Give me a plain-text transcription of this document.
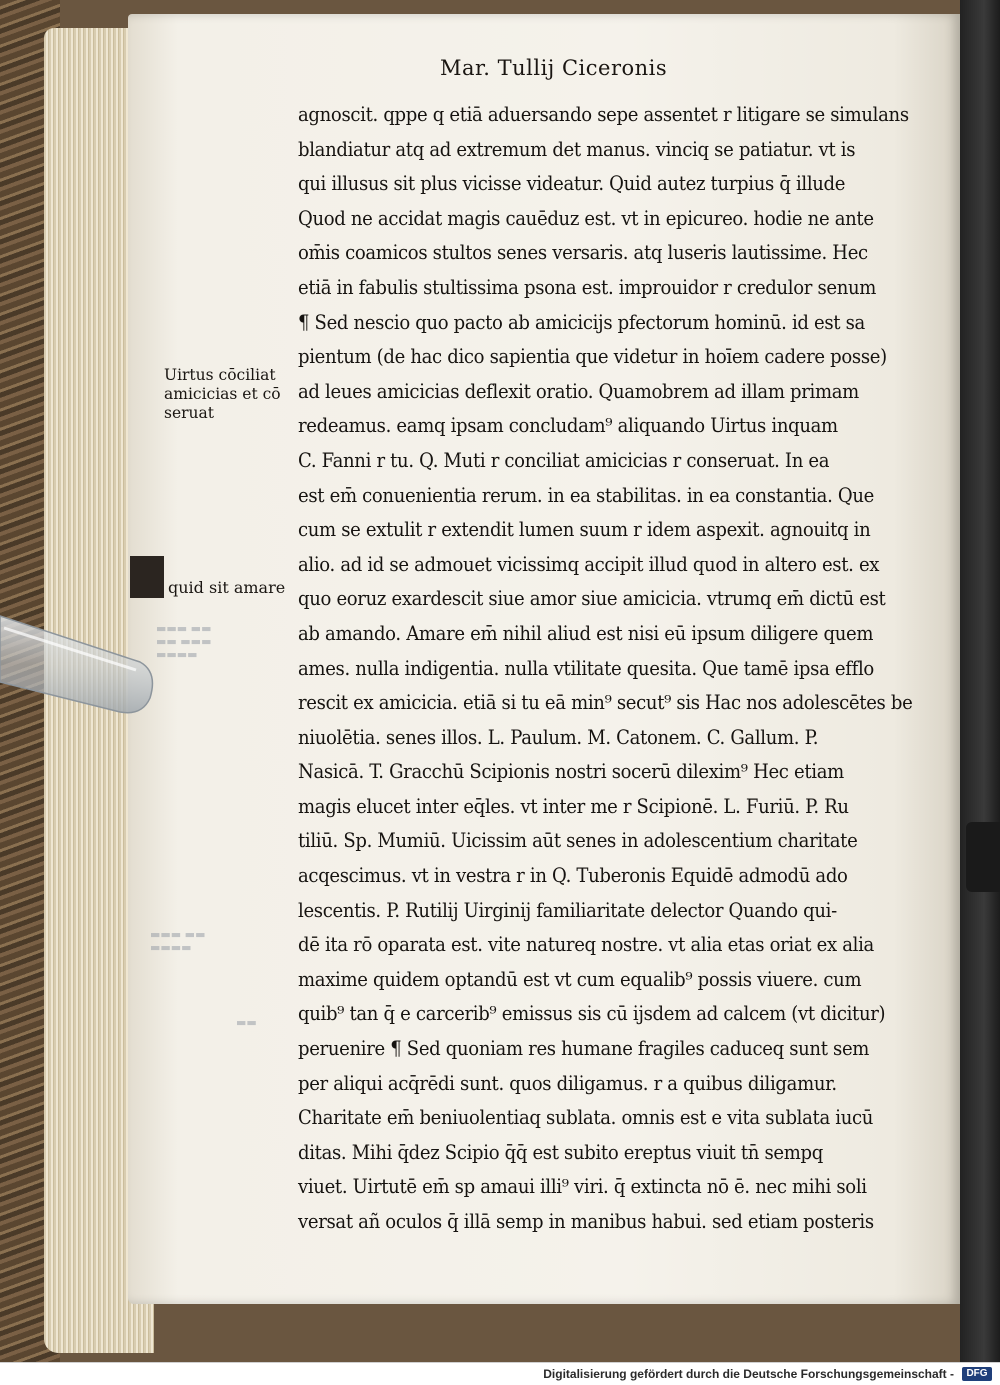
Mar. Tullij Ciceronis
agnoscit. qppe q etiā aduersando sepe assentet r litigare se simulans
blandiatur atq ad extremum det manus. vinciq se patiatur. vt is
qui illusus sit plus vicisse videatur. Quid autez turpius q̄ illude
Quod ne accidat magis cauēduz est. vt in epicureo. hodie ne ante
om̄is coamicos stultos senes versaris. atq luseris lautissime. Hec
etiā in fabulis stultissima psona est. improuidor r credulor senum
¶ Sed nescio quo pacto ab amicicijs pfectorum hominū. id est sa
pientum (de hac dico sapientia que videtur in hoīem cadere posse)
ad leues amicicias deflexit oratio. Quamobrem ad illam primam
redeamus. eamq ipsam concludam⁹ aliquando Uirtus inquam
C. Fanni r tu. Q. Muti r conciliat amicicias r conseruat. In ea
est em̄ conuenientia rerum. in ea stabilitas. in ea constantia. Que
cum se extulit r extendit lumen suum r idem aspexit. agnouitq in
alio. ad id se admouet vicissimq accipit illud quod in altero est. ex
quo eoruz exardescit siue amor siue amicicia. vtrumq em̄ dictū est
ab amando. Amare em̄ nihil aliud est nisi eū ipsum diligere quem
ames. nulla indigentia. nulla vtilitate quesita. Que tamē ipsa efflo
rescit ex amicicia. etiā si tu eā min⁹ secut⁹ sis Hac nos adolescētes be
niuolētia. senes illos. L. Paulum. M. Catonem. C. Gallum. P.
Nasicā. T. Gracchū Scipionis nostri socerū dilexim⁹ Hec etiam
magis elucet inter eq̄les. vt inter me r Scipionē. L. Furiū. P. Ru
tiliū. Sp. Mumiū. Uicissim aūt senes in adolescentium charitate
acqescimus. vt in vestra r in Q. Tuberonis Equidē admodū ado
lescentis. P. Rutilij Uirginij familiaritate delector Quando qui-
dē ita rō oparata est. vite natureq nostre. vt alia etas oriat ex alia
maxime quidem optandū est vt cum equalib⁹ possis viuere. cum
quib⁹ tan q̄ e carcerib⁹ emissus sis cū ijsdem ad calcem (vt dicitur)
peruenire ¶ Sed quoniam res humane fragiles caduceq sunt sem
per aliqui acq̄rēdi sunt. quos diligamus. r a quibus diligamur.
Charitate em̄ beniuolentiaq sublata. omnis est e vita sublata iucū
ditas. Mihi q̄dez Scipio q̄q̄ est subito ereptus viuit tn̄ sempq
viuet. Uirtutē em̄ sp amaui illi⁹ viri. q̄ extincta nō ē. nec mihi soli
versat añ oculos q̄ illā semp in manibus habui. sed etiam posteris
Uirtus cōciliat
amicicias et cō
seruat
quid sit amare
▬▬▬ ▬▬
▬▬ ▬▬▬
▬▬▬▬
▬▬▬ ▬▬
▬▬▬▬
▬▬
Digitalisierung gefördert durch die Deutsche Forschungsgemeinschaft -	DFG
